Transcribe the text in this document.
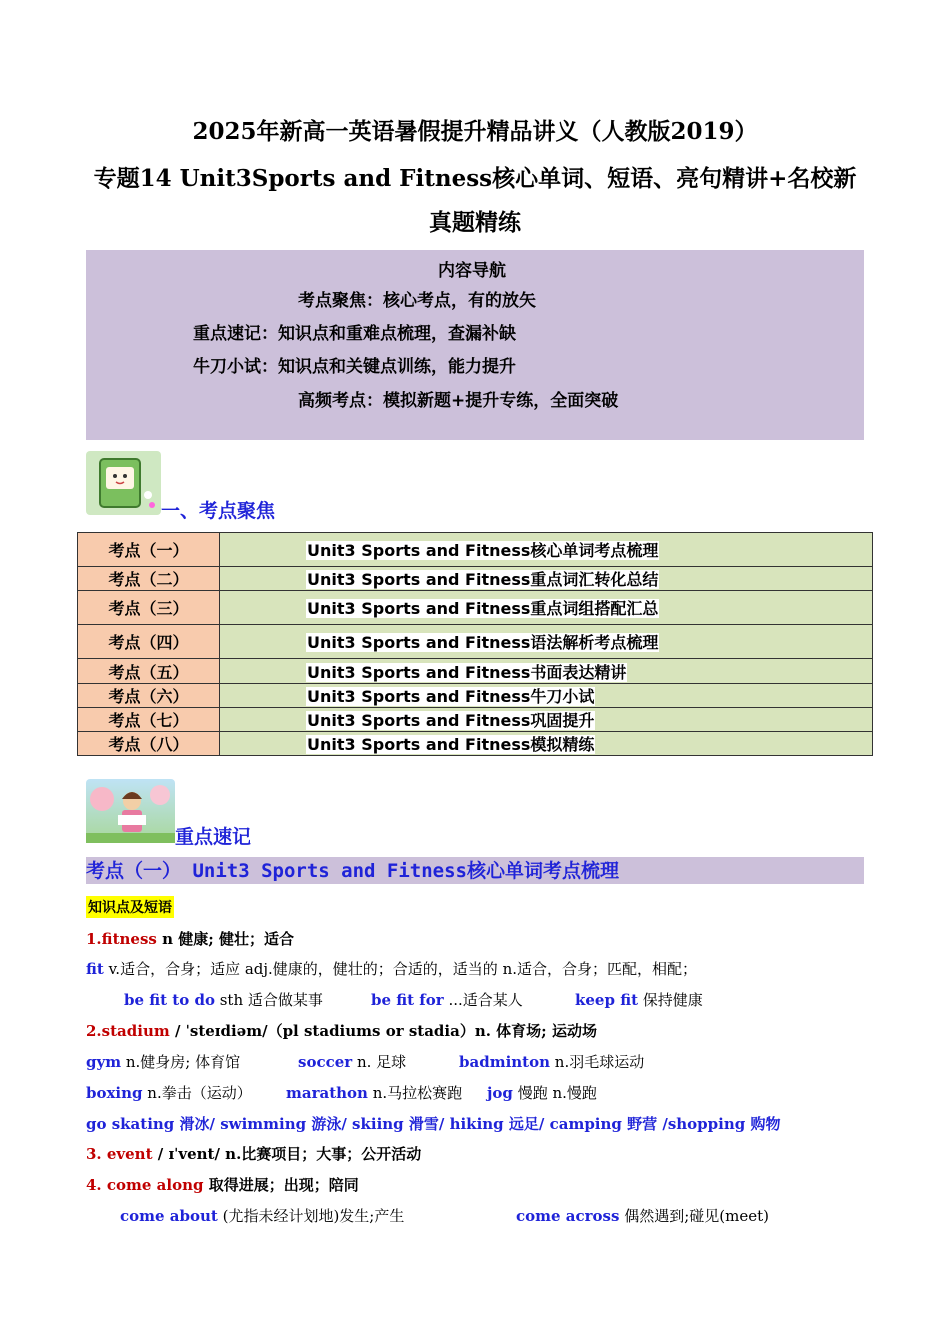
2025年新高一英语暑假提升精品讲义（人教版2019）
专题14 Unit3Sports and Fitness核心单词、短语、亮句精讲+名校新
真题精练
内容导航
考点聚焦：核心考点，有的放矢
重点速记：知识点和重难点梳理，查漏补缺
牛刀小试：知识点和关键点训练，能力提升
高频考点：模拟新题+提升专练，全面突破
一、考点聚焦
考点（一）	Unit3 Sports and Fitness核心单词考点梳理
考点（二）	Unit3 Sports and Fitness重点词汇转化总结
考点（三）	Unit3 Sports and Fitness重点词组搭配汇总
考点（四）	Unit3 Sports and Fitness语法解析考点梳理
考点（五）	Unit3 Sports and Fitness书面表达精讲
考点（六）	Unit3 Sports and Fitness牛刀小试
考点（七）	Unit3 Sports and Fitness巩固提升
考点（八）	Unit3 Sports and Fitness模拟精练
重点速记
考点（一） Unit3 Sports and Fitness核心单词考点梳理
知识点及短语
1.fitness n 健康; 健壮；适合
fit v.适合，合身；适应 adj.健康的，健壮的；合适的，适当的 n.适合，合身；匹配，相配；
be fit to do sth 适合做某事	be fit for ...适合某人	keep fit 保持健康
2.stadium / ˈsteɪdiəm/（pl stadiums or stadia）n. 体育场; 运动场
gym n.健身房; 体育馆	soccer n. 足球	badminton n.羽毛球运动
boxing n.拳击（运动） marathon n.马拉松赛跑 jog 慢跑 n.慢跑
go skating 滑冰/ swimming 游泳/ skiing 滑雪/ hiking 远足/ camping 野营 /shopping 购物
3. event / ɪˈvent/ n.比赛项目；大事；公开活动
4. come along 取得进展；出现；陪同
come about (尤指未经计划地)发生;产生	come across 偶然遇到;碰见(meet)
